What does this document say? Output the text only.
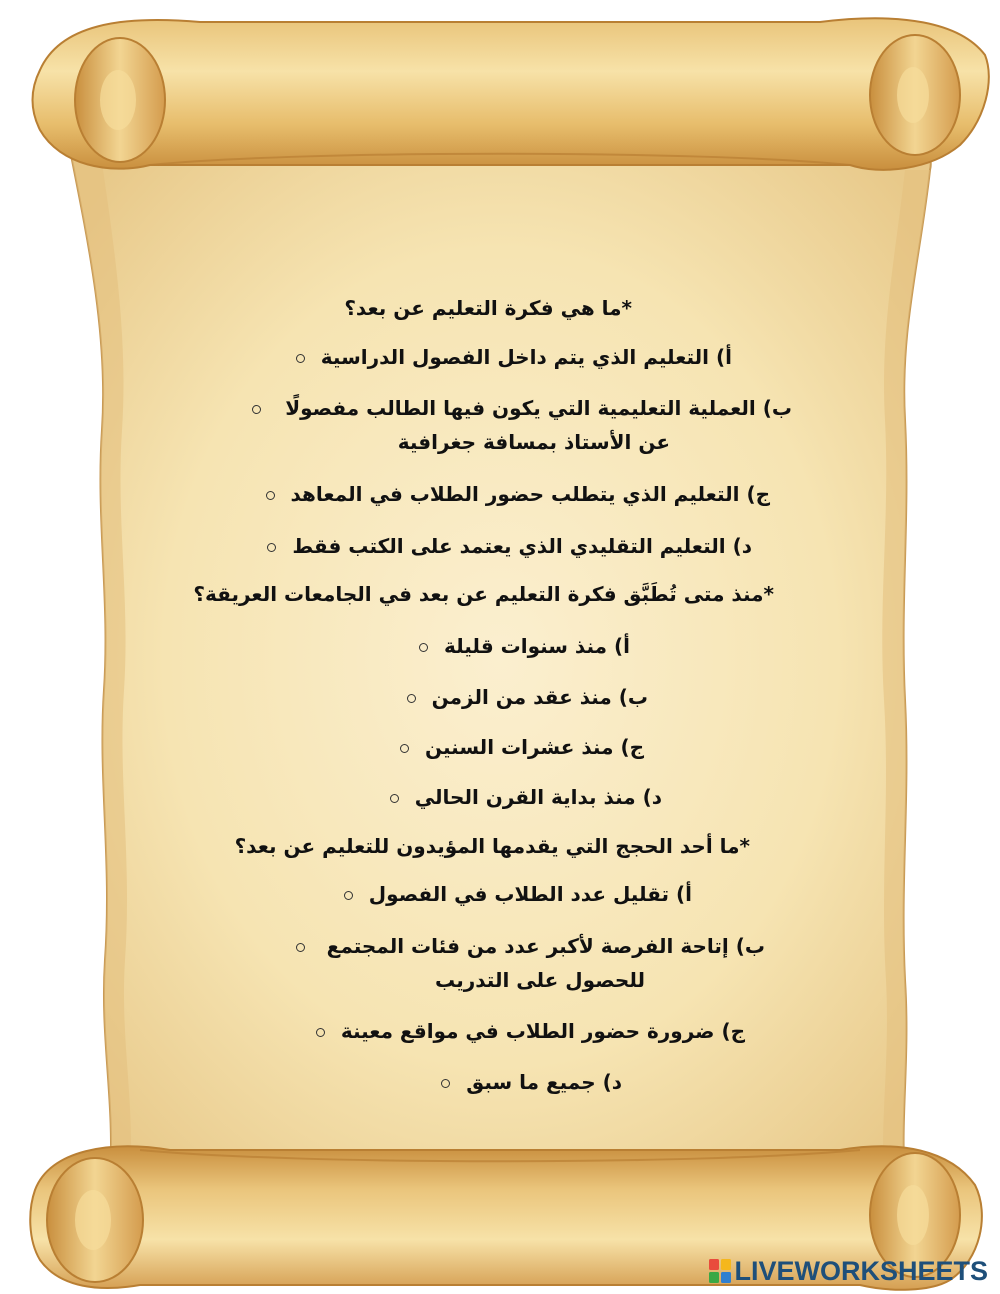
*ما هي فكرة التعليم عن بعد؟
أ) التعليم الذي يتم داخل الفصول الدراسية
ب) العملية التعليمية التي يكون فيها الطالب مفصولًا
عن الأستاذ بمسافة جغرافية
ج) التعليم الذي يتطلب حضور الطلاب في المعاهد
د) التعليم التقليدي الذي يعتمد على الكتب فقط
*منذ متى تُطَبَّق فكرة التعليم عن بعد في الجامعات العريقة؟
أ) منذ سنوات قليلة
ب) منذ عقد من الزمن
ج) منذ عشرات السنين
د) منذ بداية القرن الحالي
*ما أحد الحجج التي يقدمها المؤيدون للتعليم عن بعد؟
أ) تقليل عدد الطلاب في الفصول
ب) إتاحة الفرصة لأكبر عدد من فئات المجتمع
للحصول على التدريب
ج) ضرورة حضور الطلاب في مواقع معينة
د) جميع ما سبق
LIVEWORKSHEETS
